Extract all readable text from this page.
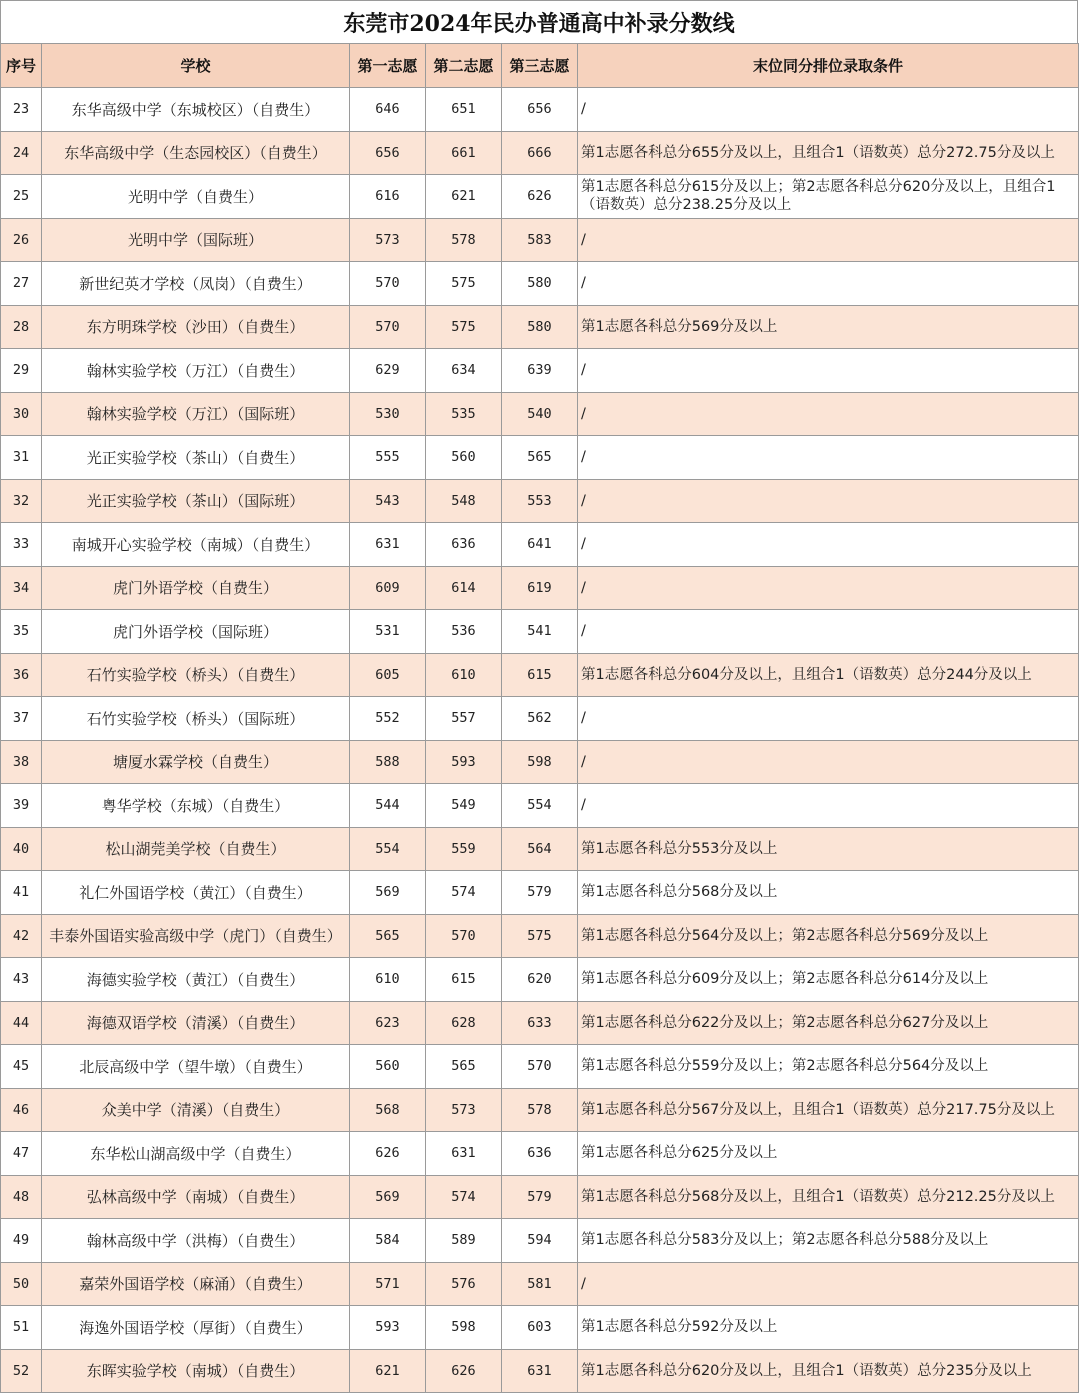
东莞市2024年民办普通高中补录分数线
序号	学校	第一志愿	第二志愿	第三志愿	末位同分排位录取条件
23	东华高级中学（东城校区）（自费生）	646	651	656	/
24	东华高级中学（生态园校区）（自费生）	656	661	666	第1志愿各科总分655分及以上，且组合1（语数英）总分272.75分及以上
25	光明中学（自费生）	616	621	626	第1志愿各科总分615分及以上；第2志愿各科总分620分及以上，且组合1（语数英）总分238.25分及以上
26	光明中学（国际班）	573	578	583	/
27	新世纪英才学校（凤岗）（自费生）	570	575	580	/
28	东方明珠学校（沙田）（自费生）	570	575	580	第1志愿各科总分569分及以上
29	翰林实验学校（万江）（自费生）	629	634	639	/
30	翰林实验学校（万江）（国际班）	530	535	540	/
31	光正实验学校（茶山）（自费生）	555	560	565	/
32	光正实验学校（茶山）（国际班）	543	548	553	/
33	南城开心实验学校（南城）（自费生）	631	636	641	/
34	虎门外语学校（自费生）	609	614	619	/
35	虎门外语学校（国际班）	531	536	541	/
36	石竹实验学校（桥头）（自费生）	605	610	615	第1志愿各科总分604分及以上，且组合1（语数英）总分244分及以上
37	石竹实验学校（桥头）（国际班）	552	557	562	/
38	塘厦水霖学校（自费生）	588	593	598	/
39	粤华学校（东城）（自费生）	544	549	554	/
40	松山湖莞美学校（自费生）	554	559	564	第1志愿各科总分553分及以上
41	礼仁外国语学校（黄江）（自费生）	569	574	579	第1志愿各科总分568分及以上
42	丰泰外国语实验高级中学（虎门）（自费生）	565	570	575	第1志愿各科总分564分及以上；第2志愿各科总分569分及以上
43	海德实验学校（黄江）（自费生）	610	615	620	第1志愿各科总分609分及以上；第2志愿各科总分614分及以上
44	海德双语学校（清溪）（自费生）	623	628	633	第1志愿各科总分622分及以上；第2志愿各科总分627分及以上
45	北辰高级中学（望牛墩）（自费生）	560	565	570	第1志愿各科总分559分及以上；第2志愿各科总分564分及以上
46	众美中学（清溪）（自费生）	568	573	578	第1志愿各科总分567分及以上，且组合1（语数英）总分217.75分及以上
47	东华松山湖高级中学（自费生）	626	631	636	第1志愿各科总分625分及以上
48	弘林高级中学（南城）（自费生）	569	574	579	第1志愿各科总分568分及以上，且组合1（语数英）总分212.25分及以上
49	翰林高级中学（洪梅）（自费生）	584	589	594	第1志愿各科总分583分及以上；第2志愿各科总分588分及以上
50	嘉荣外国语学校（麻涌）（自费生）	571	576	581	/
51	海逸外国语学校（厚街）（自费生）	593	598	603	第1志愿各科总分592分及以上
52	东晖实验学校（南城）（自费生）	621	626	631	第1志愿各科总分620分及以上，且组合1（语数英）总分235分及以上
